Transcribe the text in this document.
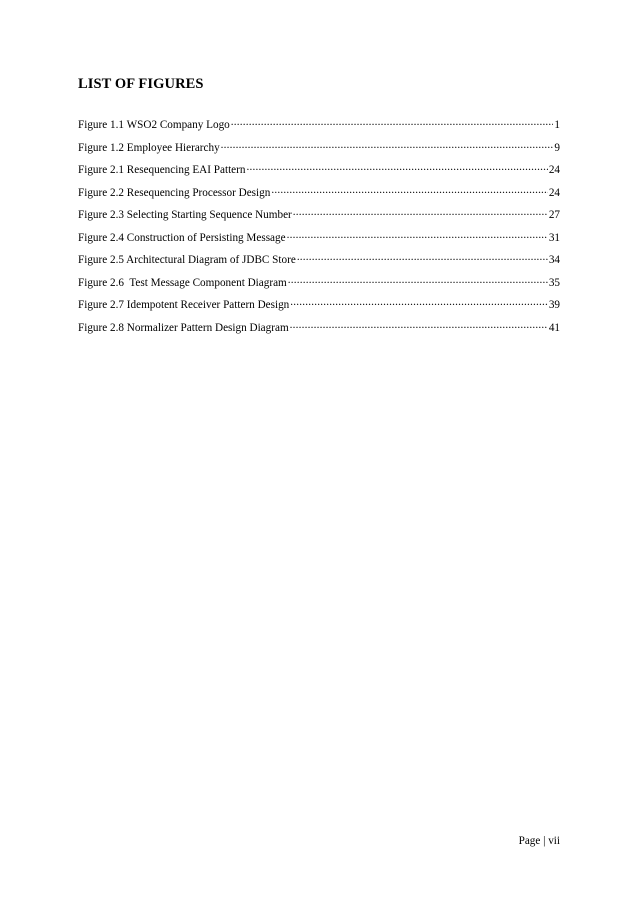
LIST OF FIGURES
Figure 1.1 WSO2 Company Logo .....	1
Figure 1.2 Employee Hierarchy .....	9
Figure 2.1 Resequencing EAI Pattern .....	24
Figure 2.2 Resequencing Processor Design .....	24
Figure 2.3 Selecting Starting Sequence Number .....	27
Figure 2.4 Construction of Persisting Message .....	31
Figure 2.5 Architectural Diagram of JDBC Store .....	34
Figure 2.6  Test Message Component Diagram .....	35
Figure 2.7 Idempotent Receiver Pattern Design .....	39
Figure 2.8 Normalizer Pattern Design Diagram .....	41
Page | vii
